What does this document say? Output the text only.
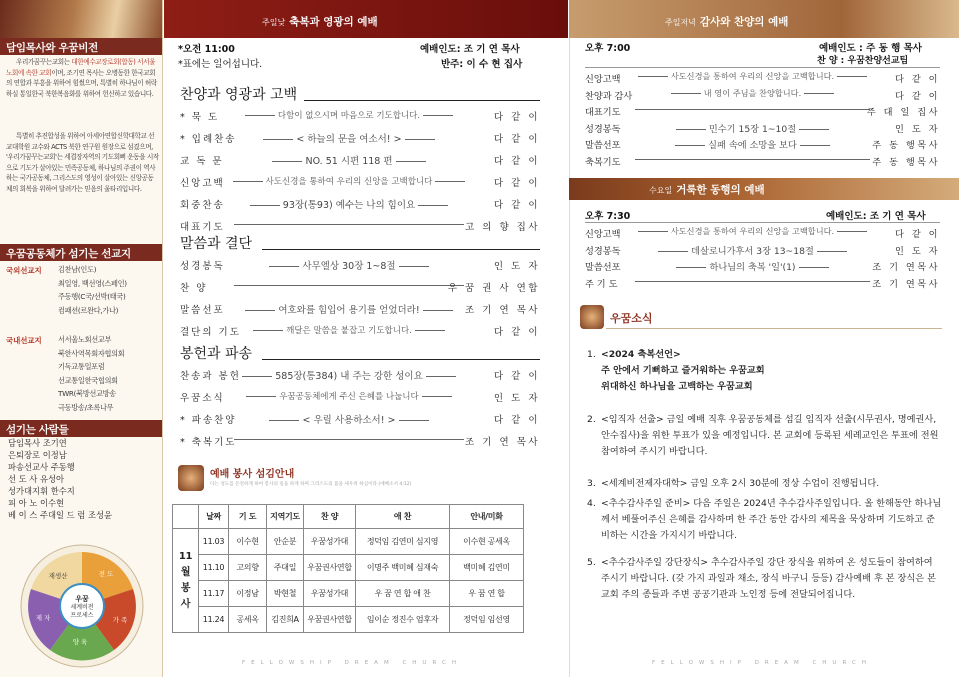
담임목사와 우꿈비전
우리가꿈꾸는교회는 대한예수교장로회(합동) 서서울노회에 속한 교회이며, 조기연 목사는 오병동한 한국교회의 연합과 부흥을 위하여 힘썼으며, 특별히 하나님이 허락하실 통일한국 북한복음화를 위하여 헌신하고 있습니다.
특별히 추진합성을 위하여 아세아연합신학대학교 선교대학원 교수와 ACTS 북한 연구원 원장으로 섬겼으며, '우리가꿈꾸는교회'는 세겹장자역의 기도회뻐 운동을 시작으로 기도가 살아있는 민족공동체, 하나님의 주권이 역사하는 국가공동체, 그리스도의 영성이 살아있는 신앙공동체의 회복을 위하여 달려가는 믿음의 울타리입니다.
우꿈공동체가 섬기는 선교지
국외선교지 김찬남(인도)
최일영, 백선영(스페인)
주동행(C국/선박(태국)
컴패션(르완다,가나)
국내선교지 서서울노회선교부
북한사역목회자협의회
기독교통일포럼
선교통일한국협의회
TWR(북방선교방송
극동방송/초록나무
섬기는 사람들
담임목사 조기연
은퇴장로 이정남
파송선교사 주동행
선 도 사 유성아
성가대지휘 한수지
피 아 노 이수현
베 이 스 주대일 드 럼 조성윤
우꿈
세계비전
프로세스
재생산	전 도
양 육
제 자	가 족
주일낮 축복과 영광의 예배
*오전 11:00	예배인도: 조 기 연 목사
*표에는 일어섭니다.	반주: 이 수 현 집사
찬양과 영광과 고백
* 묵 도	다함이 없으시며 마음으로 기도합니다.	다 같 이
* 입례찬송	< 하늘의 문을 여소서! >	다 같 이
교 독 문	NO. 51 시편 118 편	다 같 이
신앙고백	사도신경을 통하여 우리의 신앙을 고백합니다	다 같 이
회중찬송	93장(통93) 예수는 나의 힘이요	다 같 이
대표기도	고 의 향 집사
말씀과 결단
성경봉독	사무엘상 30장 1~8절	인 도 자
찬 양	우 꿈 권 사 연합
말씀선포	여호와를 힘입어 용기를 얻었더라!	조 기 연 목사
결단의 기도	깨달은 말씀을 붙잡고 기도합니다.	다 같 이
봉헌과 파송
찬송과 봉헌	585장(통384) 내 주는 강한 성이요	다 같 이
우꿈소식	우꿈공동체에게 주신 은혜를 나눕니다	인 도 자
* 파송찬양	< 우릴 사용하소서! >	다 같 이
* 축복기도	조 기 연 목사
예배 봉사 섬김안내
다는 성도를 온전하게 하여 봉사의 일을 하게 하며 그리스도의 몸을 세우려 하심이라 (에베소서 4:12)
	날짜	기 도	지역기도	찬 양	애 찬	안내/미화

11
월
봉
사	11.03	이수현	안순분	우꿈성가대	정덕임 김연미 심지영	이수현 공세옥
	11.10	고의향	주대일	우꿈권사연합	이명주 백미혜 심재숙	백미혜 김연미
	11.17	이정남	박현철	우꿈성가대	우 꿈 연 합 애 찬	우 꿈 연 합
	11.24	공세옥	김진희A	우꿈권사연합	임이순 정진수 엄후자	정덕임 임선영
FELLOWSHIP DREAM CHURCH
주일저녁 감사와 찬양의 예배
오후 7:00	예배인도 : 주 동 행 목사
찬 양 : 우꿈찬양선교팀
신앙고백	사도신경을 통하여 우리의 신앙을 고백합니다.	다 같 이
찬양과 감사	내 영이 주님을 찬양합니다.	다 같 이
대표기도	주 대 일 집사
성경봉독	민수기 15장 1~10절	인 도 자
말씀선포	실패 속에 소망을 보다	주 동 행목사
축복기도	주 동 행목사
수요일 거룩한 동행의 예배
오후 7:30	예배인도: 조 기 연 목사
신앙고백	사도신경을 통하여 우리의 신앙을 고백합니다.	다 같 이
성경봉독	데살로니가후서 3장 13~18절	인 도 자
말씀선포	하나님의 축복 '일'(1)	조 기 연목사
주 기 도	조 기 연목사
우꿈소식
1. <2024 축복선언>
주 안에서 기뻐하고 즐거워하는 우꿈교회
위대하신 하나님을 고백하는 우꿈교회
2. <임직자 선출> 금일 예배 직후 우꿈공동체를 섬길 임직자 선출(시무권사, 명예권사, 안수집사)을 위한 투표가 있을 예정입니다. 본 교회에 등록된 세례교인은 투표에 전원 참여하여 주시기 바랍니다.
3. <세계비전제자대학> 금일 오후 2시 30분에 정상 수업이 진행됩니다.
4. <추수감사주일 준비> 다음 주일은 2024년 추수감사주일입니다. 올 한해동안 하나님께서 베풀어주신 은혜를 감사하며 한 주간 동안 감사의 제목을 묵상하며 기도하고 준비하는 시간을 가지시기 바랍니다.
5. <추수감사주일 강단장식> 추수감사주일 강단 장식을 위하여 온 성도들이 참여하여 주시기 바랍니다. (갖 가지 과일과 채소, 장식 바구니 등등) 감사예배 후 본 장식은 본 교회 주의 종들과 주변 공공기관과 노인정 등에 전달되어집니다.
FELLOWSHIP DREAM CHURCH
